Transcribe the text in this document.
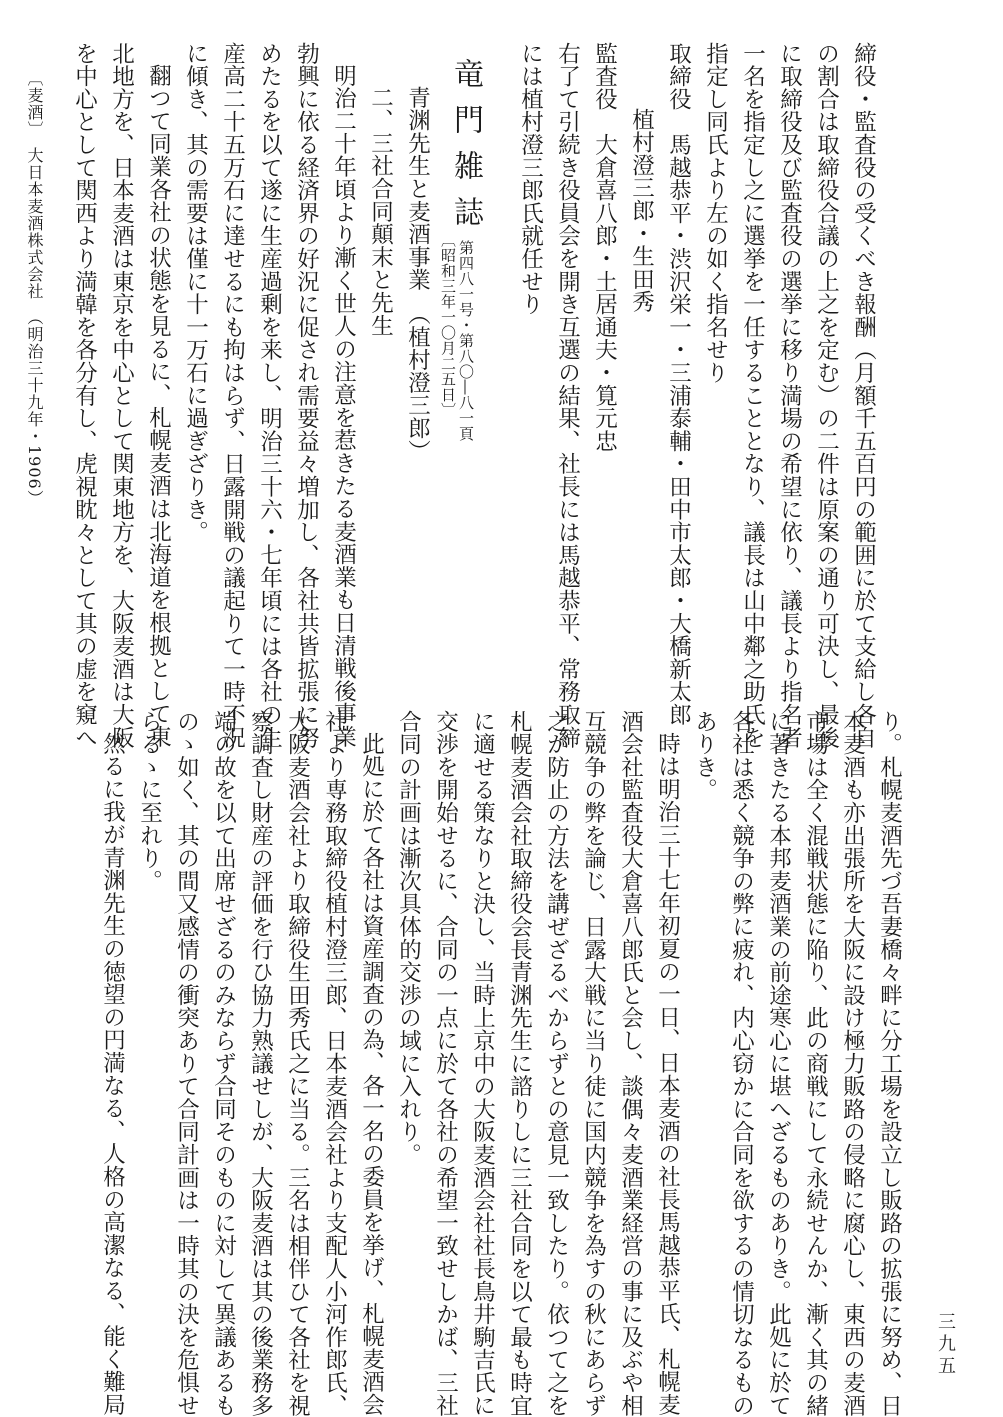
締役・監査役の受くべき報酬（月額千五百円の範囲に於て支給し各自
の割合は取締役合議の上之を定む）の二件は原案の通り可決し、最後
に取締役及び監査役の選挙に移り満場の希望に依り、議長より指名者
一名を指定し之に選挙を一任することとなり、議長は山中鄰之助氏を
指定し同氏より左の如く指名せり
取締役　馬越恭平・渋沢栄一・三浦泰輔・田中市太郎・大橋新太郎
植村澄三郎・生田秀
監査役　大倉喜八郎・土居通夫・筧元忠
右了て引続き役員会を開き互選の結果、社長には馬越恭平、常務取締
には植村澄三郎氏就任せり
竜門雑誌
第四八一号・第八〇―八一頁
〔昭和三年一〇月二五日〕
青渊先生と麦酒事業　（植村澄三郎）
二、三社合同顛末と先生
明治二十年頃より漸く世人の注意を惹きたる麦酒業も日清戦後事業
勃興に依る経済界の好況に促され需要益々増加し、各社共皆拡張に努
めたるを以て遂に生産過剰を来し、明治三十六・七年頃には各社の生
産高二十五万石に達せるにも拘はらず、日露開戦の議起りて一時不況
に傾き、其の需要は僅に十一万石に過ぎざりき。
翻つて同業各社の状態を見るに、札幌麦酒は北海道を根拠として東
北地方を、日本麦酒は東京を中心として関東地方を、大阪麦酒は大阪
を中心として関西より満韓を各分有し、虎視眈々として其の虚を窺へ
〔麦酒〕　大日本麦酒株式会社　（明治三十九年・1906）
り。札幌麦酒先づ吾妻橋々畔に分工場を設立し販路の拡張に努め、日
本麦酒も亦出張所を大阪に設け極力販路の侵略に腐心し、東西の麦酒
市場は全く混戦状態に陥り、此の商戦にして永続せんか、漸く其の緒
に著きたる本邦麦酒業の前途寒心に堪へざるものありき。此処に於て
各社は悉く競争の弊に疲れ、内心窃かに合同を欲するの情切なるもの
ありき。
時は明治三十七年初夏の一日、日本麦酒の社長馬越恭平氏、札幌麦
酒会社監査役大倉喜八郎氏と会し、談偶々麦酒業経営の事に及ぶや相
互競争の弊を論じ、日露大戦に当り徒に国内競争を為すの秋にあらず
之が防止の方法を講ぜざるべからずとの意見一致したり。依つて之を
札幌麦酒会社取締役会長青渊先生に諮りしに三社合同を以て最も時宜
に適せる策なりと決し、当時上京中の大阪麦酒会社社長鳥井駒吉氏に
交渉を開始せるに、合同の一点に於て各社の希望一致せしかば、三社
合同の計画は漸次具体的交渉の域に入れり。
此処に於て各社は資産調査の為、各一名の委員を挙げ、札幌麦酒会
社より専務取締役植村澄三郎、日本麦酒会社より支配人小河作郎氏、
大阪麦酒会社より取締役生田秀氏之に当る。三名は相伴ひて各社を視
察調査し財産の評価を行ひ協力熟議せしが、大阪麦酒は其の後業務多
端の故を以て出席せざるのみならず合同そのものに対して異議あるも
のゝ如く、其の間又感情の衝突ありて合同計画は一時其の決を危惧せ
らるゝに至れり。
然るに我が青渊先生の徳望の円満なる、人格の高潔なる、能く難局	三九五
